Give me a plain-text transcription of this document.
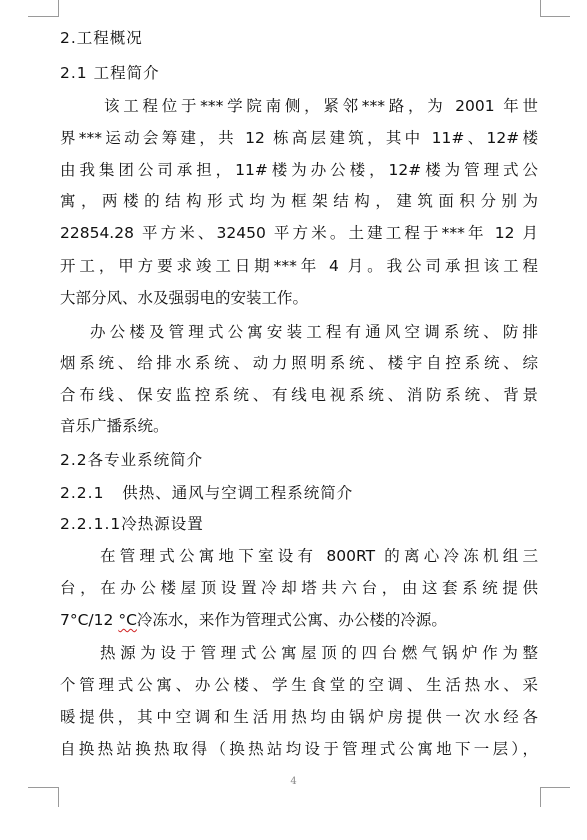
2.工程概况
2.1 工程简介
该工程位于***学院南侧，紧邻***路，为 2001 年世
界***运动会筹建，共 12 栋高层建筑，其中 11#、12#楼
由我集团公司承担，11#楼为办公楼，12#楼为管理式公
寓，两楼的结构形式均为框架结构，建筑面积分别为
22854.28 平方米、32450 平方米。土建工程于***年 12 月
开工，甲方要求竣工日期***年 4 月。我公司承担该工程
大部分风、水及强弱电的安装工作。
办公楼及管理式公寓安装工程有通风空调系统、防排
烟系统、给排水系统、动力照明系统、楼宇自控系统、综
合布线、保安监控系统、有线电视系统、消防系统、背景
音乐广播系统。
2.2各专业系统简介
2.2.1   供热、通风与空调工程系统简介
2.2.1.1冷热源设置
在管理式公寓地下室设有 800RT 的离心冷冻机组三
台，在办公楼屋顶设置冷却塔共六台，由这套系统提供
7°C/12 °C冷冻水，来作为管理式公寓、办公楼的冷源。
热源为设于管理式公寓屋顶的四台燃气锅炉作为整
个管理式公寓、办公楼、学生食堂的空调、生活热水、采
暖提供，其中空调和生活用热均由锅炉房提供一次水经各
自换热站换热取得（换热站均设于管理式公寓地下一层），
4
